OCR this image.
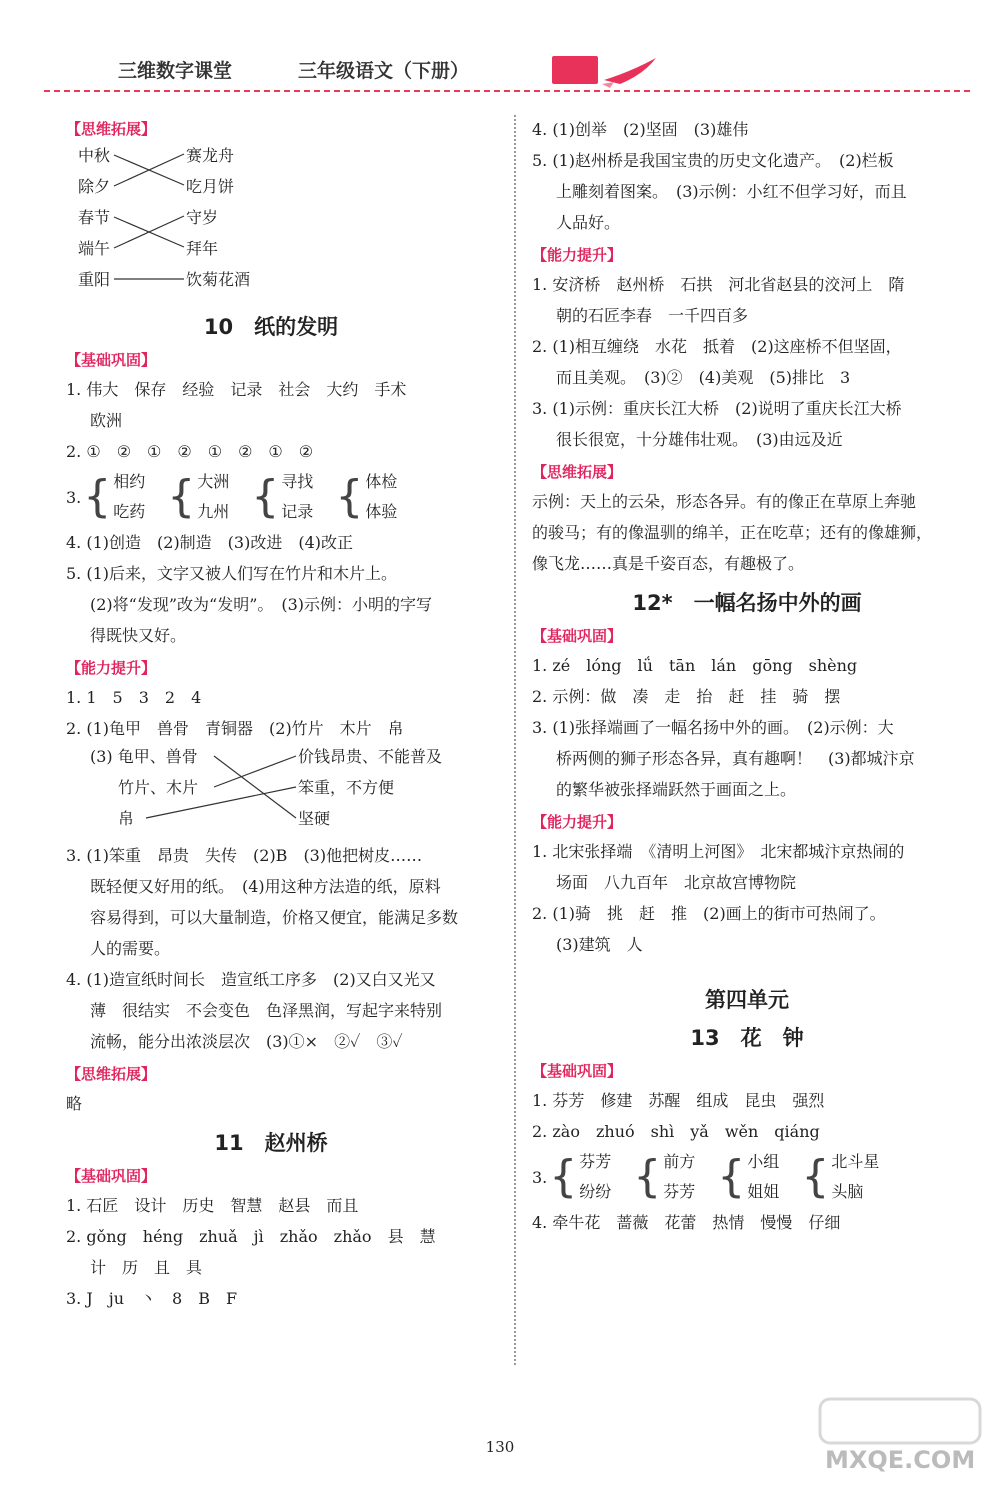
三维数字课堂	三年级语文（下册）
【思维拓展】
中秋
除夕
春节
端午
重阳
赛龙舟
吃月饼
守岁
拜年
饮菊花酒
10　纸的发明
【基础巩固】
1. 伟大　保存　经验　记录　社会　大约　手术
欧洲
2. ①　②　①　②　①　②　①　②
3. { 相约
吃药 { 大洲
九州 { 寻找
记录 { 体检
体验
4. (1)创造　(2)制造　(3)改进　(4)改正
5. (1)后来，文字又被人们写在竹片和木片上。
(2)将“发现”改为“发明”。　(3)示例：小明的字写
得既快又好。
【能力提升】
1. 1　5　3　2　4
2. (1)龟甲　兽骨　青铜器　(2)竹片　木片　帛
(3) 龟甲、兽骨
竹片、木片
帛
价钱昂贵、不能普及
笨重，不方便
坚硬
3. (1)笨重　昂贵　失传　(2)B　(3)他把树皮……
既轻便又好用的纸。　(4)用这种方法造的纸，原料
容易得到，可以大量制造，价格又便宜，能满足多数
人的需要。
4. (1)造宣纸时间长　造宣纸工序多　(2)又白又光又
薄　很结实　不会变色　色泽黑润，写起字来特别
流畅，能分出浓淡层次　(3)①×　②✓　③✓
【思维拓展】
略
11　赵州桥
【基础巩固】
1. 石匠　设计　历史　智慧　赵县　而且
2. gǒng　héng　zhuǎ　jì　zhǎo　zhǎo　县　慧
计　历　且　具
3. J　ju　丶　8　B　F
4. (1)创举　(2)坚固　(3)雄伟
5. (1)赵州桥是我国宝贵的历史文化遗产。　(2)栏板
上雕刻着图案。　(3)示例：小红不但学习好，而且
人品好。
【能力提升】
1. 安济桥　赵州桥　石拱　河北省赵县的洨河上　隋
朝的石匠李春　一千四百多
2. (1)相互缠绕　水花　抵着　(2)这座桥不但坚固，
而且美观。　(3)②　(4)美观　(5)排比　3
3. (1)示例：重庆长江大桥　(2)说明了重庆长江大桥
很长很宽，十分雄伟壮观。　(3)由远及近
【思维拓展】
示例：天上的云朵，形态各异。有的像正在草原上奔驰
的骏马；有的像温驯的绵羊，正在吃草；还有的像雄狮，
像飞龙……真是千姿百态，有趣极了。
12*　一幅名扬中外的画
【基础巩固】
1. zé　lóng　lǘ　tān　lán　gōng　shèng
2. 示例：做　凑　走　抬　赶　挂　骑　摆
3. (1)张择端画了一幅名扬中外的画。　(2)示例：大
桥两侧的狮子形态各异，真有趣啊！　(3)都城汴京
的繁华被张择端跃然于画面之上。
【能力提升】
1. 北宋张择端　《清明上河图》　北宋都城汴京热闹的
场面　八九百年　北京故宫博物院
2. (1)骑　挑　赶　推　(2)画上的街市可热闹了。
(3)建筑　人
第四单元
13　花　钟
【基础巩固】
1. 芬芳　修建　苏醒　组成　昆虫　强烈
2. zào　zhuó　shì　yǎ　wěn　qiáng
3. { 芬芳
纷纷 { 前方
芬芳 { 小组
姐姐 { 北斗星
头脑
4. 牵牛花　蔷薇　花蕾　热情　慢慢　仔细
130	MXQE.COM
